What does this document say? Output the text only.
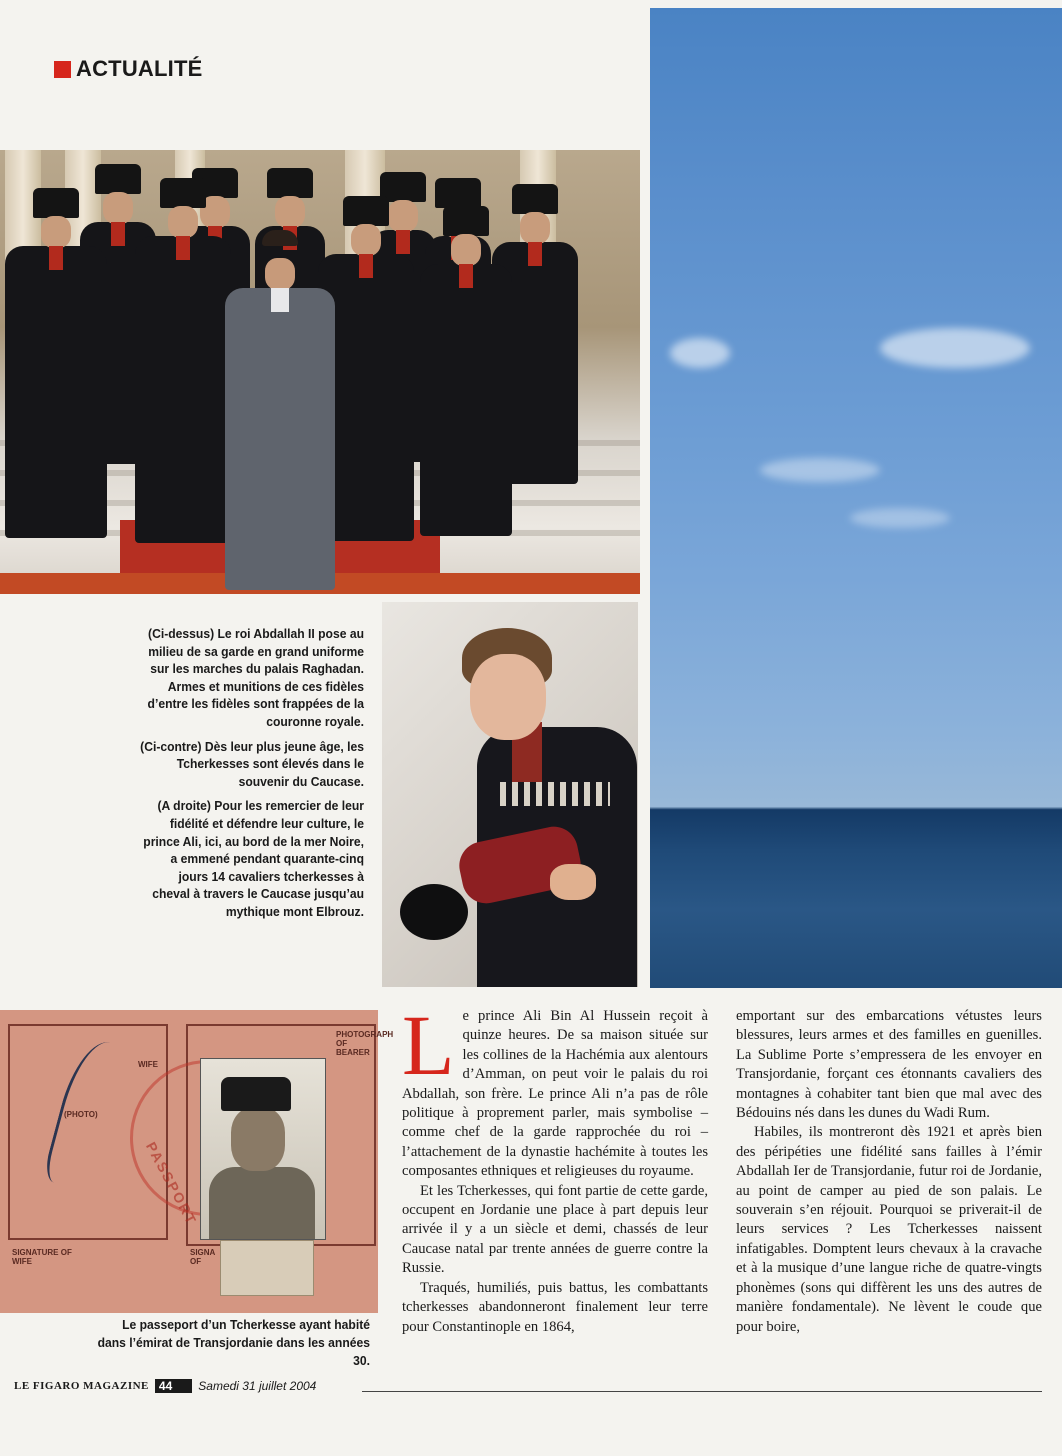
ACTUALITÉ

(Ci-dessus) Le roi Abdallah II pose au milieu de sa garde en grand uniforme sur les marches du palais Raghadan. Armes et munitions de ces fidèles d’entre les fidèles sont frappées de la couronne royale.

(Ci-contre) Dès leur plus jeune âge, les Tcherkesses sont élevés dans le souvenir du Caucase.

(A droite) Pour les remercier de leur fidélité et défendre leur culture, le prince Ali, ici, au bord de la mer Noire, a emmené pendant quarante-cinq jours 14 cavaliers tcherkesses à cheval à travers le Caucase jusqu’au mythique mont Elbrouz.

PASSPORT
PHOTOGRAPH OF BEARER
(PHOTO)
WIFE
SIGNATURE OF WIFE
SIGNA OF

Le passeport d’un Tcherkesse ayant habité dans l’émirat de Transjordanie dans les années 30.

Le prince Ali Bin Al Hussein reçoit à quinze heures. De sa maison située sur les collines de la Hachémia aux alentours d’Amman, on peut voir le palais du roi Abdallah, son frère. Le prince Ali n’a pas de rôle politique à proprement parler, mais symbolise – comme chef de la garde rapprochée du roi – l’attachement de la dynastie hachémite à toutes les composantes ethniques et religieuses du royaume.

Et les Tcherkesses, qui font partie de cette garde, occupent en Jordanie une place à part depuis leur arrivée il y a un siècle et demi, chassés de leur Caucase natal par trente années de guerre contre la Russie.

Traqués, humiliés, puis battus, les combattants tcherkesses abandonneront finalement leur terre pour Constantinople en 1864,

emportant sur des embarcations vétustes leurs blessures, leurs armes et des familles en guenilles. La Sublime Porte s’empressera de les envoyer en Transjordanie, forçant ces étonnants cavaliers des montagnes à cohabiter tant bien que mal avec des Bédouins nés dans les dunes du Wadi Rum.

Habiles, ils montreront dès 1921 et après bien des péripéties une fidélité sans failles à l’émir Abdallah Ier de Transjordanie, futur roi de Jordanie, au point de camper au pied de son palais. Le souverain s’en réjouit. Pourquoi se priverait-il de leurs services ? Les Tcherkesses naissent infatigables. Domptent leurs chevaux à la cravache et à la musique d’une langue riche de quatre-vingts phonèmes (sons qui diffèrent les uns des autres de manière fondamentale). Ne lèvent le coude que pour boire,

LE FIGARO MAGAZINE 44	Samedi 31 juillet 2004
